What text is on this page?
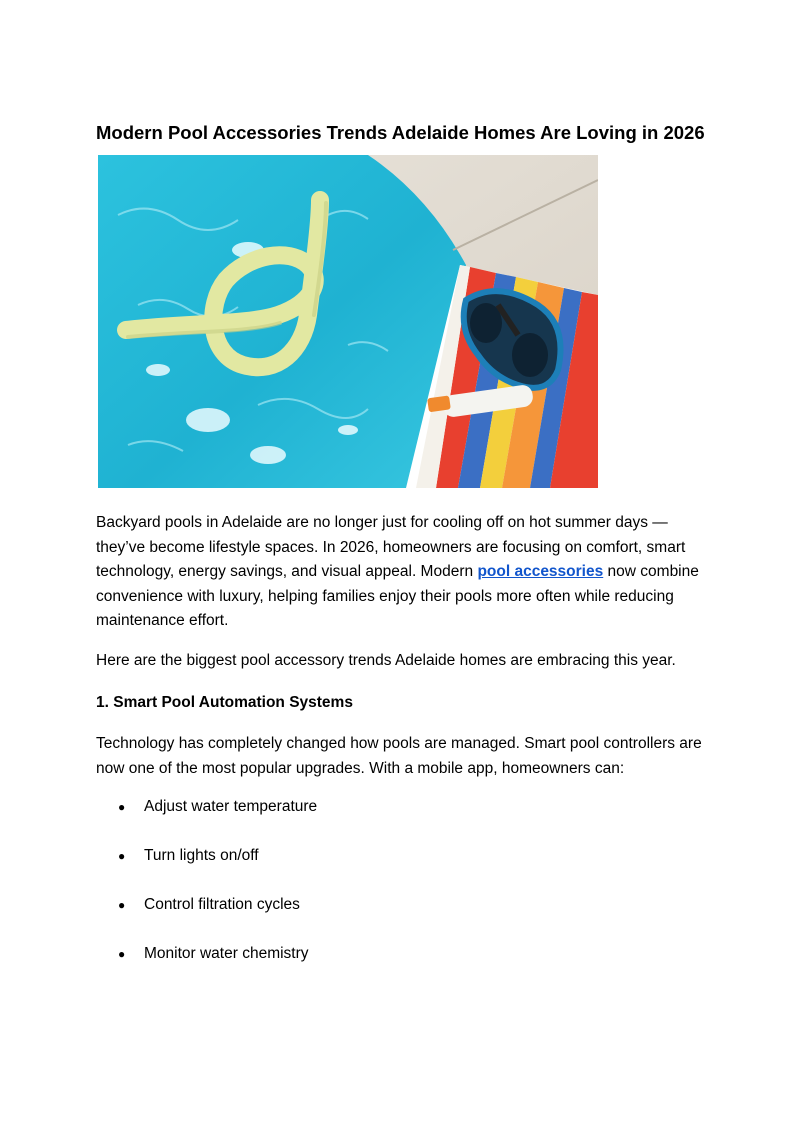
Modern Pool Accessories Trends Adelaide Homes Are Loving in 2026

Backyard pools in Adelaide are no longer just for cooling off on hot summer days — they’ve become lifestyle spaces. In 2026, homeowners are focusing on comfort, smart technology, energy savings, and visual appeal. Modern pool accessories now combine convenience with luxury, helping families enjoy their pools more often while reducing maintenance effort.

Here are the biggest pool accessory trends Adelaide homes are embracing this year.

1. Smart Pool Automation Systems

Technology has completely changed how pools are managed. Smart pool controllers are now one of the most popular upgrades. With a mobile app, homeowners can:

● Adjust water temperature
● Turn lights on/off
● Control filtration cycles
● Monitor water chemistry
